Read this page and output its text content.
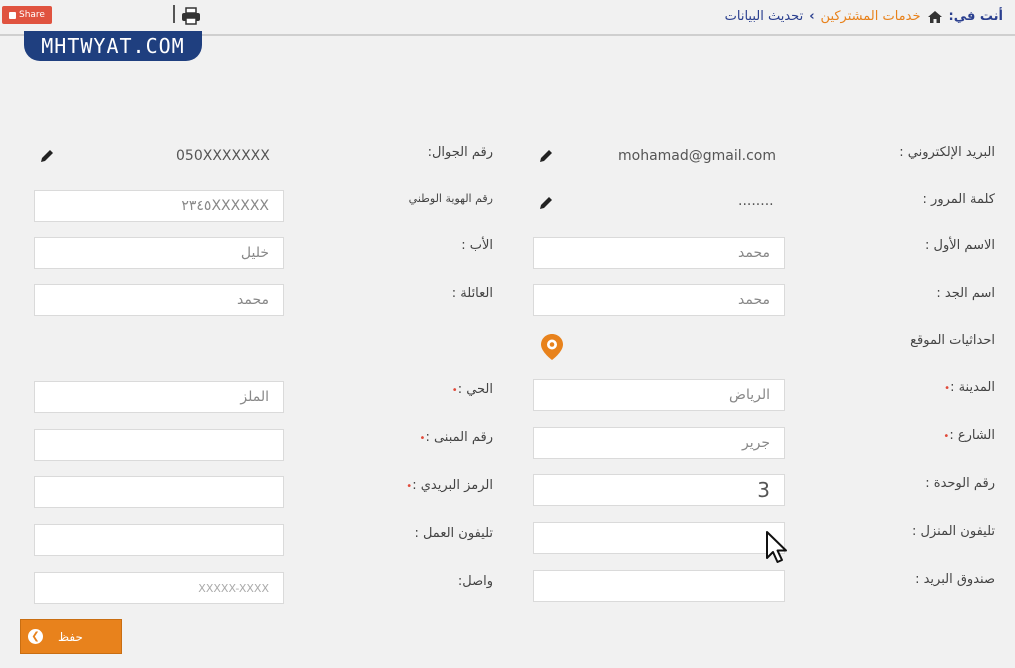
Share	أنت في:
خدمات المشتركين
›
تحديث البيانات
MHTWYAT.COM
البريد الإلكتروني :
mohamad@gmail.com
كلمة المرور :
........
الاسم الأول :
محمد
اسم الجد :
محمد
احداثيات الموقع
المدينة :•
الرياض
الشارع :•
جرير
رقم الوحدة :
3
تليفون المنزل :
صندوق البريد :
رقم الجوال:
050XXXXXXX
رقم الهوية الوطني
٢٣٤٥XXXXXX
الأب :
خليل
العائلة :
محمد
الحي :•
الملز
رقم المبنى :•
الرمز البريدي :•
تليفون العمل :
واصل:
XXXXX-XXXX
❮ حفظ
